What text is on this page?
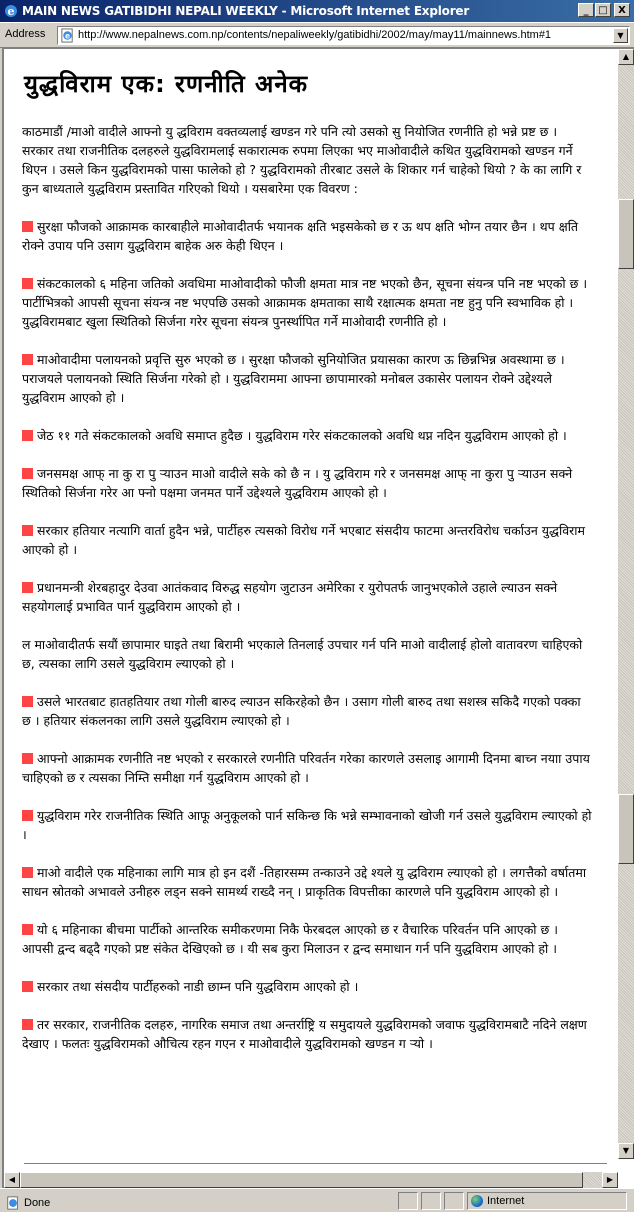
e MAIN NEWS GATIBIDHI NEPALI WEEKLY - Microsoft Internet Explorer	_ □	X
Address e http://www.nepalnews.com.np/contents/nepaliweekly/gatibidhi/2002/may/may11/mainnews.htm#1	▼
युद्धविराम एक: रणनीति अनेक

काठमाडौं /माओ वादीले आफ्नो यु द्धविराम वक्तव्यलाई खण्डन गरे पनि त्यो उसको सु नियोजित रणनीति हो भन्ने प्रष्ट छ । सरकार तथा राजनीतिक दलहरुले युद्धविरामलाई सकारात्मक रुपमा लिएका भए माओवादीले कथित युद्धविरामको खण्डन गर्ने थिएन । उसले किन युद्धविरामको पासा फालेको हो ? युद्धविरामको तीरबाट उसले के शिकार गर्न चाहेको थियो ? के का लागि र कुन बाध्यताले युद्धविराम प्रस्तावित गरिएको थियो । यसबारेमा एक विवरण :

सुरक्षा फौजको आक्रामक कारबाहीले माओवादीतर्फ भयानक क्षति भइसकेको छ र ऊ थप क्षति भोग्न तयार छैन । थप क्षति रोक्ने उपाय पनि उसाग युद्धविराम बाहेक अरु केही थिएन ।

संकटकालको ६ महिना जतिको अवधिमा माओवादीको फौजी क्षमता मात्र नष्ट भएको छैन, सूचना संयन्त्र पनि नष्ट भएको छ । पार्टीभित्रको आपसी सूचना संयन्त्र नष्ट भएपछि उसको आक्रामक क्षमताका साथै रक्षात्मक क्षमता नष्ट हुनु पनि स्वभाविक हो । युद्धविरामबाट खुला स्थितिको सिर्जना गरेर सूचना संयन्त्र पुनर्स्थापित गर्ने माओवादी रणनीति हो ।

माओवादीमा पलायनको प्रवृत्ति सुरु भएको छ । सुरक्षा फौजको सुनियोजित प्रयासका कारण ऊ छिन्नभिन्न अवस्थामा छ । पराजयले पलायनको स्थिति सिर्जना गरेको हो । युद्धविराममा आफ्ना छापामारको मनोबल उकासेर पलायन रोक्ने उद्देश्यले युद्धविराम आएको हो ।

जेठ ११ गते संकटकालको अवधि समाप्त हुदैछ । युद्धविराम गरेर संकटकालको अवधि थप्न नदिन युद्धविराम आएको हो ।

जनसमक्ष आफ् ना कु रा पु र्‍याउन माओ वादीले सके को छै न । यु द्धविराम गरे र जनसमक्ष आफ् ना कुरा पु र्‍याउन सक्ने स्थितिको सिर्जना गरेर आ फ्नो पक्षमा जनमत पार्ने उद्देश्यले युद्धविराम आएको हो ।

सरकार हतियार नत्यागि वार्ता हुदैन भन्ने, पार्टीहरु त्यसको विरोध गर्ने भएबाट संसदीय फाटमा अन्तरविरोध चर्काउन युद्धविराम आएको हो ।

प्रधानमन्त्री शेरबहादुर देउवा आतंकवाद विरुद्ध सहयोग जुटाउन अमेरिका र युरोपतर्फ जानुभएकोले उहाले ल्याउन सक्ने सहयोगलाई प्रभावित पार्न युद्धविराम आएको हो ।

ल माओवादीतर्फ सयौं छापामार घाइते तथा बिरामी भएकाले तिनलाई उपचार गर्न पनि माओ वादीलाई होलो वातावरण चाहिएको छ, त्यसका लागि उसले युद्धविराम ल्याएको हो ।

उसले भारतबाट हातहतियार तथा गोली बारुद ल्याउन सकिरहेको छैन । उसाग गोली बारुद तथा सशस्त्र सकिदै गएको पक्का छ । हतियार संकलनका लागि उसले युद्धविराम ल्याएको हो ।

आफ्नो आक्रामक रणनीति नष्ट भएको र सरकारले रणनीति परिवर्तन गरेका कारणले उसलाइ आगामी दिनमा बाच्न नयाा उपाय चाहिएको छ र त्यसका निम्ति समीक्षा गर्न युद्धविराम आएको हो ।

युद्धविराम गरेर राजनीतिक स्थिति आफू अनुकूलको पार्न सकिन्छ कि भन्ने सम्भावनाको खोजी गर्न उसले युद्धविराम ल्याएको हो ।

माओ वादीले एक महिनाका लागि मात्र हो इन दशैं -तिहारसम्म तन्काउने उद्दे श्यले यु द्धविराम ल्याएको हो । लगत्तैको वर्षातमा साधन स्रोतको अभावले उनीहरु लड्न सक्ने सामर्थ्य राख्दै नन् । प्राकृतिक विपत्तीका कारणले पनि युद्धविराम आएको हो ।

यो ६ महिनाका बीचमा पार्टीको आन्तरिक समीकरणमा निकै फेरबदल आएको छ र वैचारिक परिवर्तन पनि आएको छ । आपसी द्वन्द बढ्दै गएको प्रष्ट संकेत देखिएको छ । यी सब कुरा मिलाउन र द्वन्द समाधान गर्न पनि युद्धविराम आएको हो ।

सरकार तथा संसदीय पार्टीहरुको नाडी छाम्न पनि युद्धविराम आएको हो ।

तर सरकार, राजनीतिक दलहरु, नागरिक समाज तथा अन्तर्राष्ट्रि य समुदायले युद्धविरामको जवाफ युद्धविरामबाटै नदिने लक्षण देखाए । फलतः युद्धविरामको औचित्य रहन गएन र माओवादीले युद्धविरामको खण्डन ग र्‍यो ।

▲
▼
◀	▶
Done	Internet
